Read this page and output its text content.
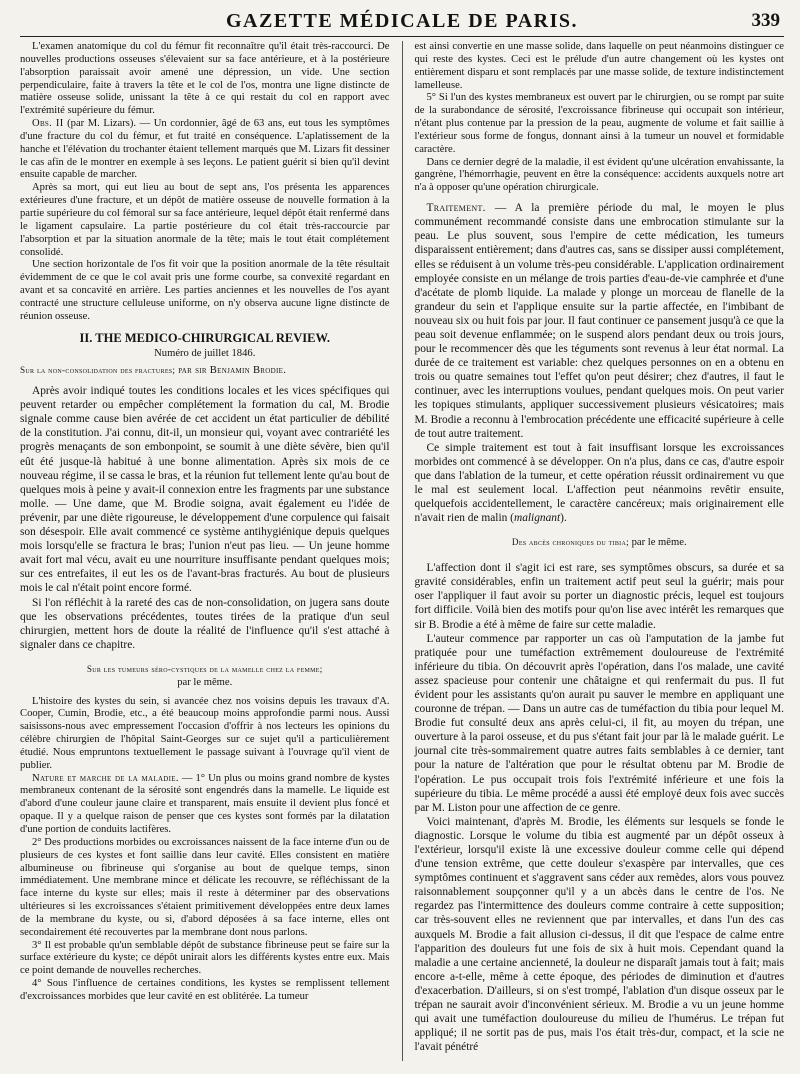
GAZETTE MÉDICALE DE PARIS.	339

L'examen anatomique du col du fémur fit reconnaître qu'il était très-raccourci. De nouvelles productions osseuses s'élevaient sur sa face antérieure, et à la postérieure l'absorption paraissait avoir amené une dépression, un vide. Une section perpendiculaire, faite à travers la tête et le col de l'os, montra une ligne distincte de matière osseuse solide, unissant la tête à ce qui restait du col en rapport avec l'extrémité supérieure du fémur.

Obs. II (par M. Lizars). — Un cordonnier, âgé de 63 ans, eut tous les symptômes d'une fracture du col du fémur, et fut traité en conséquence. L'aplatissement de la hanche et l'élévation du trochanter étaient tellement marqués que M. Lizars fit dessiner le cas afin de le montrer en exemple à ses leçons. Le patient guérit si bien qu'il devint ensuite capable de marcher.

Après sa mort, qui eut lieu au bout de sept ans, l'os présenta les apparences extérieures d'une fracture, et un dépôt de matière osseuse de nouvelle formation à la partie supérieure du col fémoral sur sa face antérieure, lequel dépôt était renfermé dans le ligament capsulaire. La partie postérieure du col était très-raccourcie par l'absorption et par la situation anormale de la tête; mais le tout était complétement consolidé.

Une section horizontale de l'os fit voir que la position anormale de la tête résultait évidemment de ce que le col avait pris une forme courbe, sa convexité regardant en avant et sa concavité en arrière. Les parties anciennes et les nouvelles de l'os ayant contracté une structure celluleuse uniforme, on n'y observa aucune ligne distincte de réunion osseuse.

II. THE MEDICO-CHIRURGICAL REVIEW.
Numéro de juillet 1846.

Sur la non-consolidation des fractures; par sir Benjamin Brodie.

Après avoir indiqué toutes les conditions locales et les vices spécifiques qui peuvent retarder ou empêcher complétement la formation du cal, M. Brodie signale comme cause bien avérée de cet accident un état particulier de débilité de la constitution. J'ai connu, dit-il, un monsieur qui, voyant avec contrariété les progrès menaçants de son embonpoint, se soumit à une diète sévère, bien qu'il eût été jusque-là habitué à une bonne alimentation. Après six mois de ce nouveau régime, il se cassa le bras, et la réunion fut tellement lente qu'au bout de quelques mois à peine y avait-il connexion entre les fragments par une substance molle. — Une dame, que M. Brodie soigna, avait également eu l'idée de prévenir, par une diète rigoureuse, le développement d'une corpulence qui faisait son désespoir. Elle avait commencé ce système antihygiénique depuis quelques mois lorsqu'elle se fractura le bras; l'union n'eut pas lieu. — Un jeune homme avait fort mal vécu, avait eu une nourriture insuffisante pendant quelques mois; sur ces entrefaites, il eut les os de l'avant-bras fracturés. Au bout de plusieurs mois le cal n'était point encore formé.

Si l'on réfléchit à la rareté des cas de non-consolidation, on jugera sans doute que les observations précédentes, toutes tirées de la pratique d'un seul chirurgien, mettent hors de doute la réalité de l'influence qu'il s'est attaché à signaler dans ce chapitre.

Sur les tumeurs séro-cystiques de la mamelle chez la femme;
par le même.

L'histoire des kystes du sein, si avancée chez nos voisins depuis les travaux d'A. Cooper, Cumin, Brodie, etc., a été beaucoup moins approfondie parmi nous. Aussi saisissons-nous avec empressement l'occasion d'offrir à nos lecteurs les opinions du célèbre chirurgien de l'hôpital Saint-Georges sur ce sujet qu'il a particulièrement étudié. Nous empruntons textuellement le passage suivant à l'ouvrage qu'il vient de publier.

Nature et marche de la maladie. — 1° Un plus ou moins grand nombre de kystes membraneux contenant de la sérosité sont engendrés dans la mamelle. Le liquide est d'abord d'une couleur jaune claire et transparent, mais ensuite il devient plus foncé et opaque. Il y a quelque raison de penser que ces kystes sont formés par la dilatation d'une portion de conduits lactifères.

2° Des productions morbides ou excroissances naissent de la face interne d'un ou de plusieurs de ces kystes et font saillie dans leur cavité. Elles consistent en matière albumineuse ou fibrineuse qui s'organise au bout de quelque temps, sinon immédiatement. Une membrane mince et délicate les recouvre, se réfléchissant de la face interne du kyste sur elles; mais il reste à déterminer par des observations ultérieures si les excroissances s'étaient primitivement développées entre deux lames de la membrane du kyste, ou si, d'abord déposées à sa face interne, elles ont secondairement été recouvertes par la membrane dont nous parlons.

3° Il est probable qu'un semblable dépôt de substance fibrineuse peut se faire sur la surface extérieure du kyste; ce dépôt unirait alors les différents kystes entre eux. Mais ce point demande de nouvelles recherches.

4° Sous l'influence de certaines conditions, les kystes se remplissent tellement d'excroissances morbides que leur cavité en est oblitérée. La tumeur

est ainsi convertie en une masse solide, dans laquelle on peut néanmoins distinguer ce qui reste des kystes. Ceci est le prélude d'un autre changement où les kystes ont entièrement disparu et sont remplacés par une masse solide, de texture indistinctement lamelleuse.

5° Si l'un des kystes membraneux est ouvert par le chirurgien, ou se rompt par suite de la surabondance de sérosité, l'excroissance fibrineuse qui occupait son intérieur, n'étant plus contenue par la pression de la peau, augmente de volume et fait saillie à l'extérieur sous forme de fongus, donnant ainsi à la tumeur un nouvel et formidable caractère.

Dans ce dernier degré de la maladie, il est évident qu'une ulcération envahissante, la gangrène, l'hémorrhagie, peuvent en être la conséquence: accidents auxquels notre art n'a à opposer qu'une opération chirurgicale.

Traitement. — A la première période du mal, le moyen le plus communément recommandé consiste dans une embrocation stimulante sur la peau. Le plus souvent, sous l'empire de cette médication, les tumeurs disparaissent entièrement; dans d'autres cas, sans se dissiper aussi complétement, elles se réduisent à un volume très-peu considérable. L'application ordinairement employée consiste en un mélange de trois parties d'eau-de-vie camphrée et d'une d'acétate de plomb liquide. La malade y plonge un morceau de flanelle de la grandeur du sein et l'applique ensuite sur la partie affectée, en l'imbibant de nouveau six ou huit fois par jour. Il faut continuer ce pansement jusqu'à ce que la peau soit devenue enflammée; on le suspend alors pendant deux ou trois jours, pour le recommencer dès que les téguments sont revenus à leur état normal. La durée de ce traitement est variable: chez quelques personnes on en a obtenu en trois ou quatre semaines tout l'effet qu'on peut désirer; chez d'autres, il faut le continuer, avec les interruptions voulues, pendant quelques mois. On peut varier les topiques stimulants, appliquer successivement plusieurs vésicatoires; mais M. Brodie a reconnu à l'embrocation précédente une efficacité supérieure à celle de tout autre traitement.

Ce simple traitement est tout à fait insuffisant lorsque les excroissances morbides ont commencé à se développer. On n'a plus, dans ce cas, d'autre espoir que dans l'ablation de la tumeur, et cette opération réussit ordinairement vu que le mal est seulement local. L'affection peut néanmoins revêtir ensuite, quelquefois accidentellement, le caractère cancéreux; mais originairement elle n'avait rien de malin (malignant).

Des abcès chroniques du tibia; par le même.

L'affection dont il s'agit ici est rare, ses symptômes obscurs, sa durée et sa gravité considérables, enfin un traitement actif peut seul la guérir; mais pour oser l'appliquer il faut avoir su porter un diagnostic précis, lequel est toujours fort difficile. Voilà bien des motifs pour qu'on lise avec intérêt les remarques que sir B. Brodie a été à même de faire sur cette maladie.

L'auteur commence par rapporter un cas où l'amputation de la jambe fut pratiquée pour une tuméfaction extrêmement douloureuse de l'extrémité inférieure du tibia. On découvrit après l'opération, dans l'os malade, une cavité assez spacieuse pour contenir une châtaigne et qui renfermait du pus. Il fut évident pour les assistants qu'on aurait pu sauver le membre en appliquant une couronne de trépan. — Dans un autre cas de tuméfaction du tibia pour lequel M. Brodie fut consulté deux ans après celui-ci, il fit, au moyen du trépan, une ouverture à la paroi osseuse, et du pus s'étant fait jour par là le malade guérit. Le journal cite très-sommairement quatre autres faits semblables à ce dernier, tant pour la nature de l'altération que pour le résultat obtenu par M. Brodie de l'opération. Le pus occupait trois fois l'extrémité inférieure et une fois la supérieure du tibia. Le même procédé a aussi été employé deux fois avec succès par M. Liston pour une affection de ce genre.

Voici maintenant, d'après M. Brodie, les éléments sur lesquels se fonde le diagnostic. Lorsque le volume du tibia est augmenté par un dépôt osseux à l'extérieur, lorsqu'il existe là une excessive douleur comme celle qui dépend d'une tension extrême, que cette douleur s'exaspère par intervalles, que ces symptômes continuent et s'aggravent sans céder aux remèdes, alors vous pouvez raisonnablement soupçonner qu'il y a un abcès dans le centre de l'os. Ne regardez pas l'intermittence des douleurs comme contraire à cette supposition; car très-souvent elles ne reviennent que par intervalles, et dans l'un des cas auxquels M. Brodie a fait allusion ci-dessus, il dit que l'espace de calme entre l'apparition des douleurs fut une fois de six à huit mois. Cependant quand la maladie a une certaine ancienneté, la douleur ne disparaît jamais tout à fait; mais encore a-t-elle, même à cette époque, des périodes de diminution et d'autres d'exacerbation. D'ailleurs, si on s'est trompé, l'ablation d'un disque osseux par le trépan ne saurait avoir d'inconvénient sérieux. M. Brodie a vu un jeune homme qui avait une tuméfaction douloureuse du milieu de l'humérus. Le trépan fut appliqué; il ne sortit pas de pus, mais l'os était très-dur, compact, et la scie ne l'avait pénétré
